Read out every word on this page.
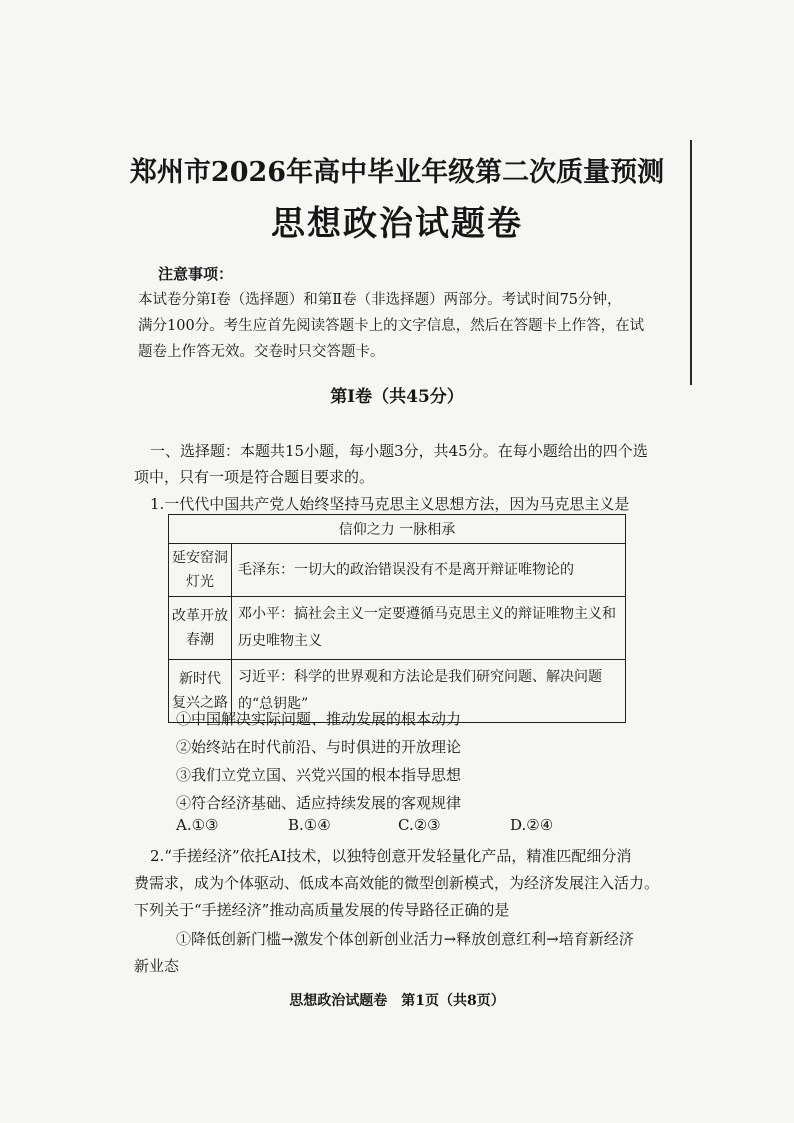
郑州市2026年高中毕业年级第二次质量预测
思想政治试题卷
注意事项：
本试卷分第Ⅰ卷（选择题）和第Ⅱ卷（非选择题）两部分。考试时间75分钟，
满分100分。考生应首先阅读答题卡上的文字信息，然后在答题卡上作答，在试
题卷上作答无效。交卷时只交答题卡。
第Ⅰ卷（共45分）
一、选择题：本题共15小题，每小题3分，共45分。在每小题给出的四个选
项中，只有一项是符合题目要求的。
1.一代代中国共产党人始终坚持马克思主义思想方法，因为马克思主义是
信仰之力 一脉相承	
延安窑洞
灯光	毛泽东：一切大的政治错误没有不是离开辩证唯物论的
改革开放
春潮	邓小平：搞社会主义一定要遵循马克思主义的辩证唯物主义和历史唯物主义
新时代
复兴之路	习近平：科学的世界观和方法论是我们研究问题、解决问题的“总钥匙”
①中国解决实际问题、推动发展的根本动力
②始终站在时代前沿、与时俱进的开放理论
③我们立党立国、兴党兴国的根本指导思想
④符合经济基础、适应持续发展的客观规律
A.①③	B.①④	C.②③	D.②④
2.“手搓经济”依托AI技术，以独特创意开发轻量化产品，精准匹配细分消
费需求，成为个体驱动、低成本高效能的微型创新模式，为经济发展注入活力。
下列关于“手搓经济”推动高质量发展的传导路径正确的是
①降低创新门槛→激发个体创新创业活力→释放创意红利→培育新经济
新业态
思想政治试题卷　第1页（共8页）
